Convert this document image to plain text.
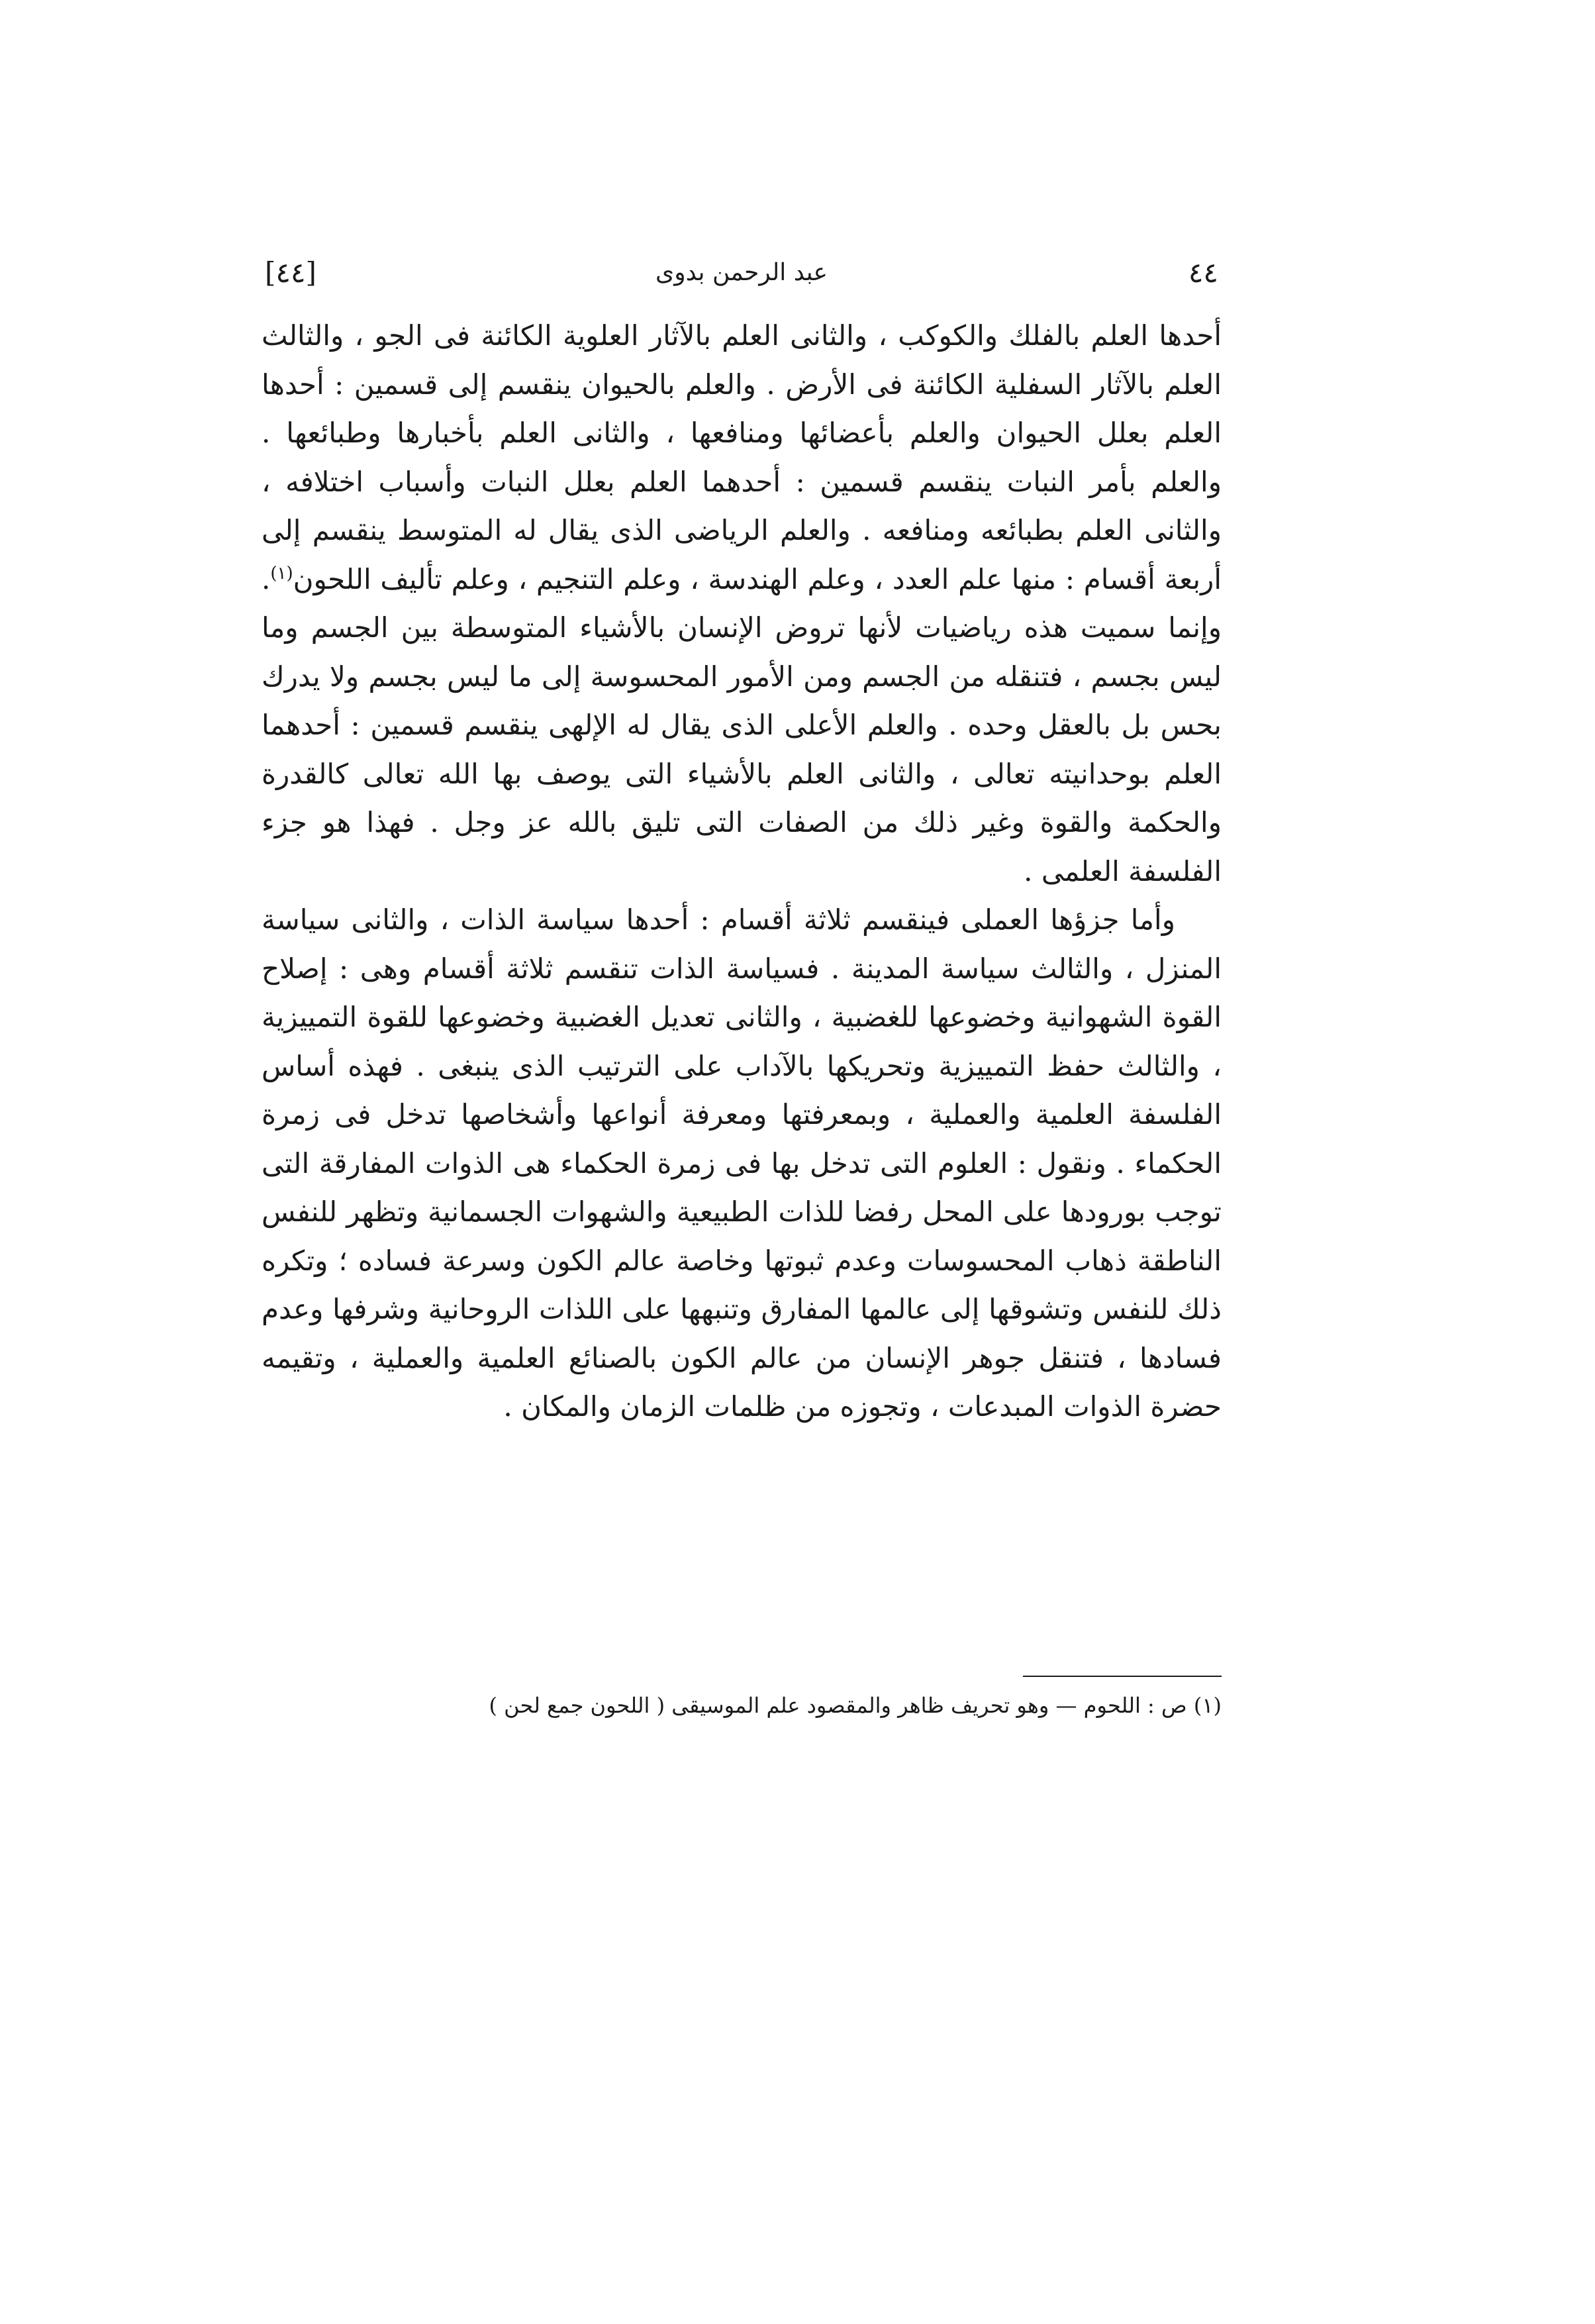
[٤٤]	عبد الرحمن بدوى	٤٤

أحدها العلم بالفلك والكوكب ، والثانى العلم بالآثار العلوية الكائنة فى الجو ، والثالث العلم بالآثار السفلية الكائنة فى الأرض . والعلم بالحيوان ينقسم إلى قسمين : أحدها العلم بعلل الحيوان والعلم بأعضائها ومنافعها ، والثانى العلم بأخبارها وطبائعها . والعلم بأمر النبات ينقسم قسمين : أحدهما العلم بعلل النبات وأسباب اختلافه ، والثانى العلم بطبائعه ومنافعه . والعلم الرياضى الذى يقال له المتوسط ينقسم إلى أربعة أقسام : منها علم العدد ، وعلم الهندسة ، وعلم التنجيم ، وعلم تأليف اللحون$^{(١)}$. وإنما سميت هذه رياضيات لأنها تروض الإنسان بالأشياء المتوسطة بين الجسم وما ليس بجسم ، فتنقله من الجسم ومن الأمور المحسوسة إلى ما ليس بجسم ولا يدرك بحس بل بالعقل وحده . والعلم الأعلى الذى يقال له الإلهى ينقسم قسمين : أحدهما العلم بوحدانيته تعالى ، والثانى العلم بالأشياء التى يوصف بها الله تعالى كالقدرة والحكمة والقوة وغير ذلك من الصفات التى تليق بالله عز وجل . فهذا هو جزء الفلسفة العلمى .

وأما جزؤها العملى فينقسم ثلاثة أقسام : أحدها سياسة الذات ، والثانى سياسة المنزل ، والثالث سياسة المدينة . فسياسة الذات تنقسم ثلاثة أقسام وهى : إصلاح القوة الشهوانية وخضوعها للغضبية ، والثانى تعديل الغضبية وخضوعها للقوة التمييزية ، والثالث حفظ التمييزية وتحريكها بالآداب على الترتيب الذى ينبغى . فهذه أساس الفلسفة العلمية والعملية ، وبمعرفتها ومعرفة أنواعها وأشخاصها تدخل فى زمرة الحكماء . ونقول : العلوم التى تدخل بها فى زمرة الحكماء هى الذوات المفارقة التى توجب بورودها على المحل رفضا للذات الطبيعية والشهوات الجسمانية وتظهر للنفس الناطقة ذهاب المحسوسات وعدم ثبوتها وخاصة عالم الكون وسرعة فساده ؛ وتكره ذلك للنفس وتشوقها إلى عالمها المفارق وتنبهها على اللذات الروحانية وشرفها وعدم فسادها ، فتنقل جوهر الإنسان من عالم الكون بالصنائع العلمية والعملية ، وتقيمه حضرة الذوات المبدعات ، وتجوزه من ظلمات الزمان والمكان .

(١) ص : اللحوم — وهو تحريف ظاهر والمقصود علم الموسيقى ( اللحون جمع لحن )
